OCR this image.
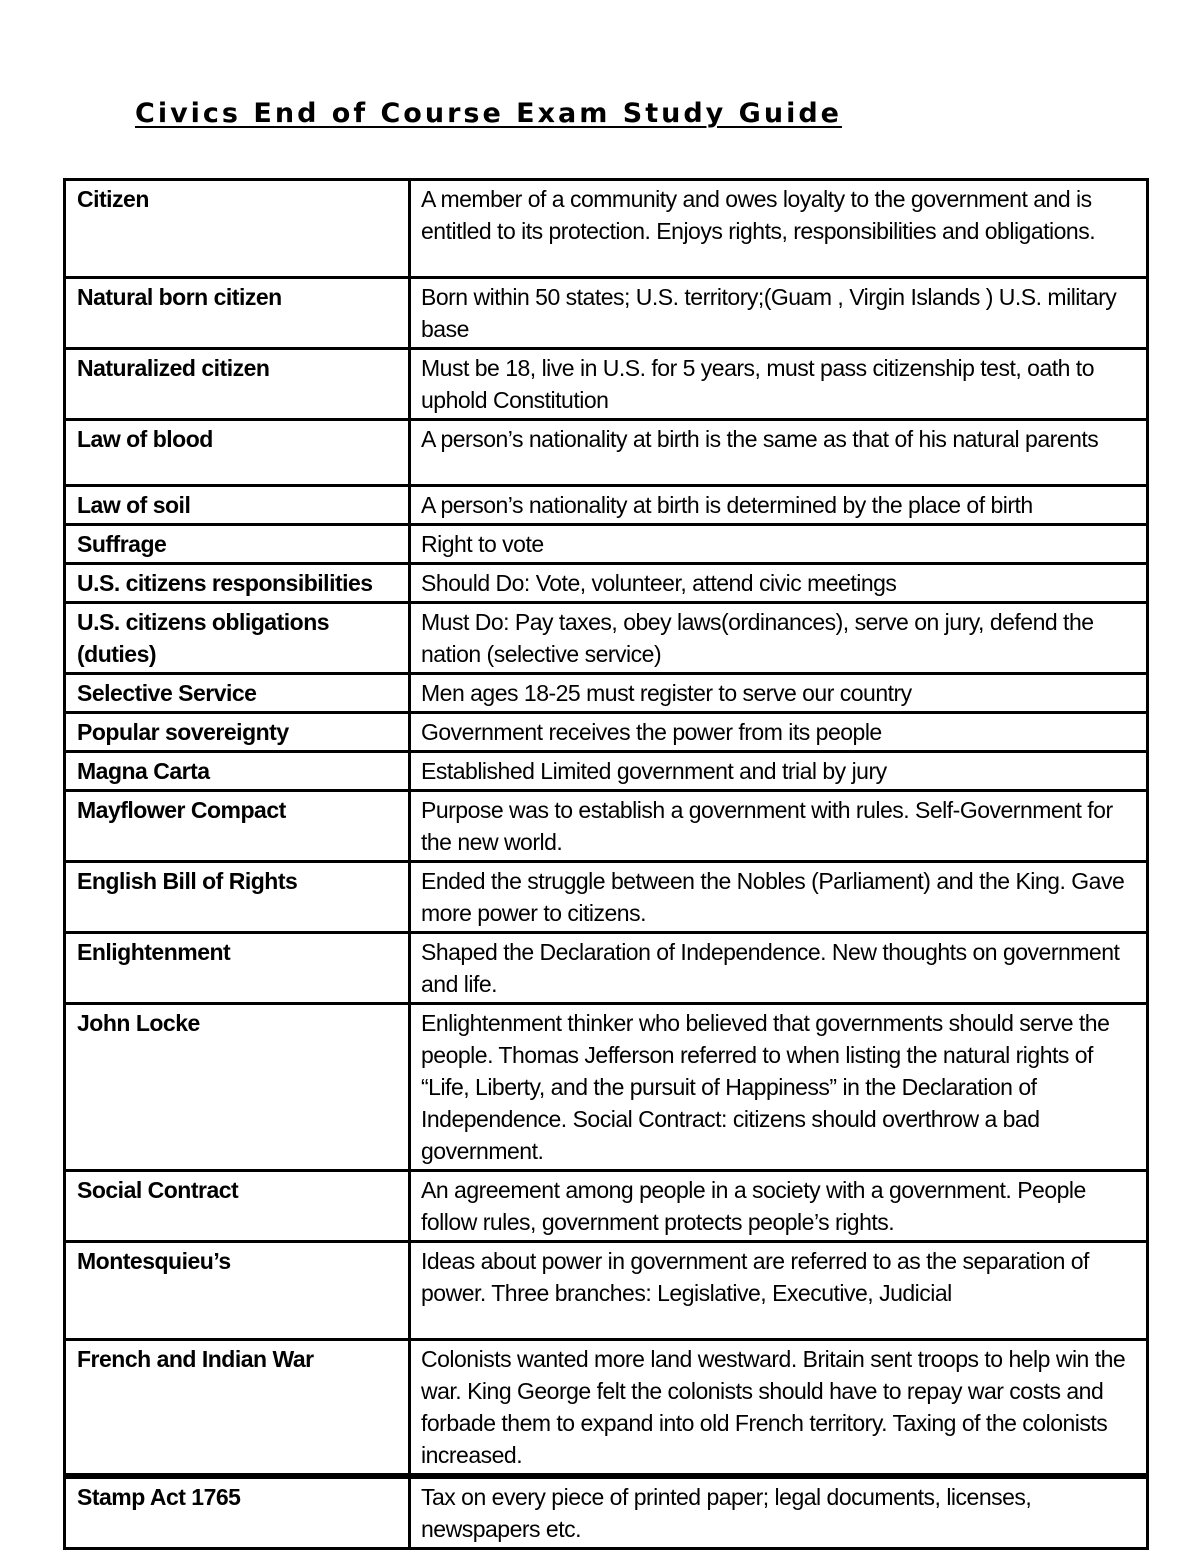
Civics End of Course Exam Study Guide
Citizen	A member of a community and owes loyalty to the government and is entitled to its protection. Enjoys rights, responsibilities and obligations.
Natural born citizen	Born within 50 states; U.S. territory;(Guam , Virgin Islands ) U.S. military base
Naturalized citizen	Must be 18, live in U.S. for 5 years, must pass citizenship test, oath to uphold Constitution
Law of blood	A person’s nationality at birth is the same as that of his natural parents
Law of soil	A person’s nationality at birth is determined by the place of birth
Suffrage	Right to vote
U.S. citizens responsibilities	Should Do: Vote, volunteer, attend civic meetings
U.S. citizens obligations (duties)	Must Do: Pay taxes, obey laws(ordinances), serve on jury, defend the nation (selective service)
Selective Service	Men ages 18-25 must register to serve our country
Popular sovereignty	Government receives the power from its people
Magna Carta	Established Limited government and trial by jury
Mayflower Compact	Purpose was to establish a government with rules. Self-Government for the new world.
English Bill of Rights	Ended the struggle between the Nobles (Parliament) and the King. Gave more power to citizens.
Enlightenment	Shaped the Declaration of Independence. New thoughts on government and life.
John Locke	Enlightenment thinker who believed that governments should serve the people. Thomas Jefferson referred to when listing the natural rights of “Life, Liberty, and the pursuit of Happiness” in the Declaration of Independence. Social Contract: citizens should overthrow a bad government.
Social Contract	An agreement among people in a society with a government. People follow rules, government protects people’s rights.
Montesquieu’s	Ideas about power in government are referred to as the separation of power. Three branches: Legislative, Executive, Judicial
French and Indian War	Colonists wanted more land westward. Britain sent troops to help win the war. King George felt the colonists should have to repay war costs and forbade them to expand into old French territory. Taxing of the colonists increased.
Stamp Act 1765	Tax on every piece of printed paper; legal documents, licenses, newspapers etc.
